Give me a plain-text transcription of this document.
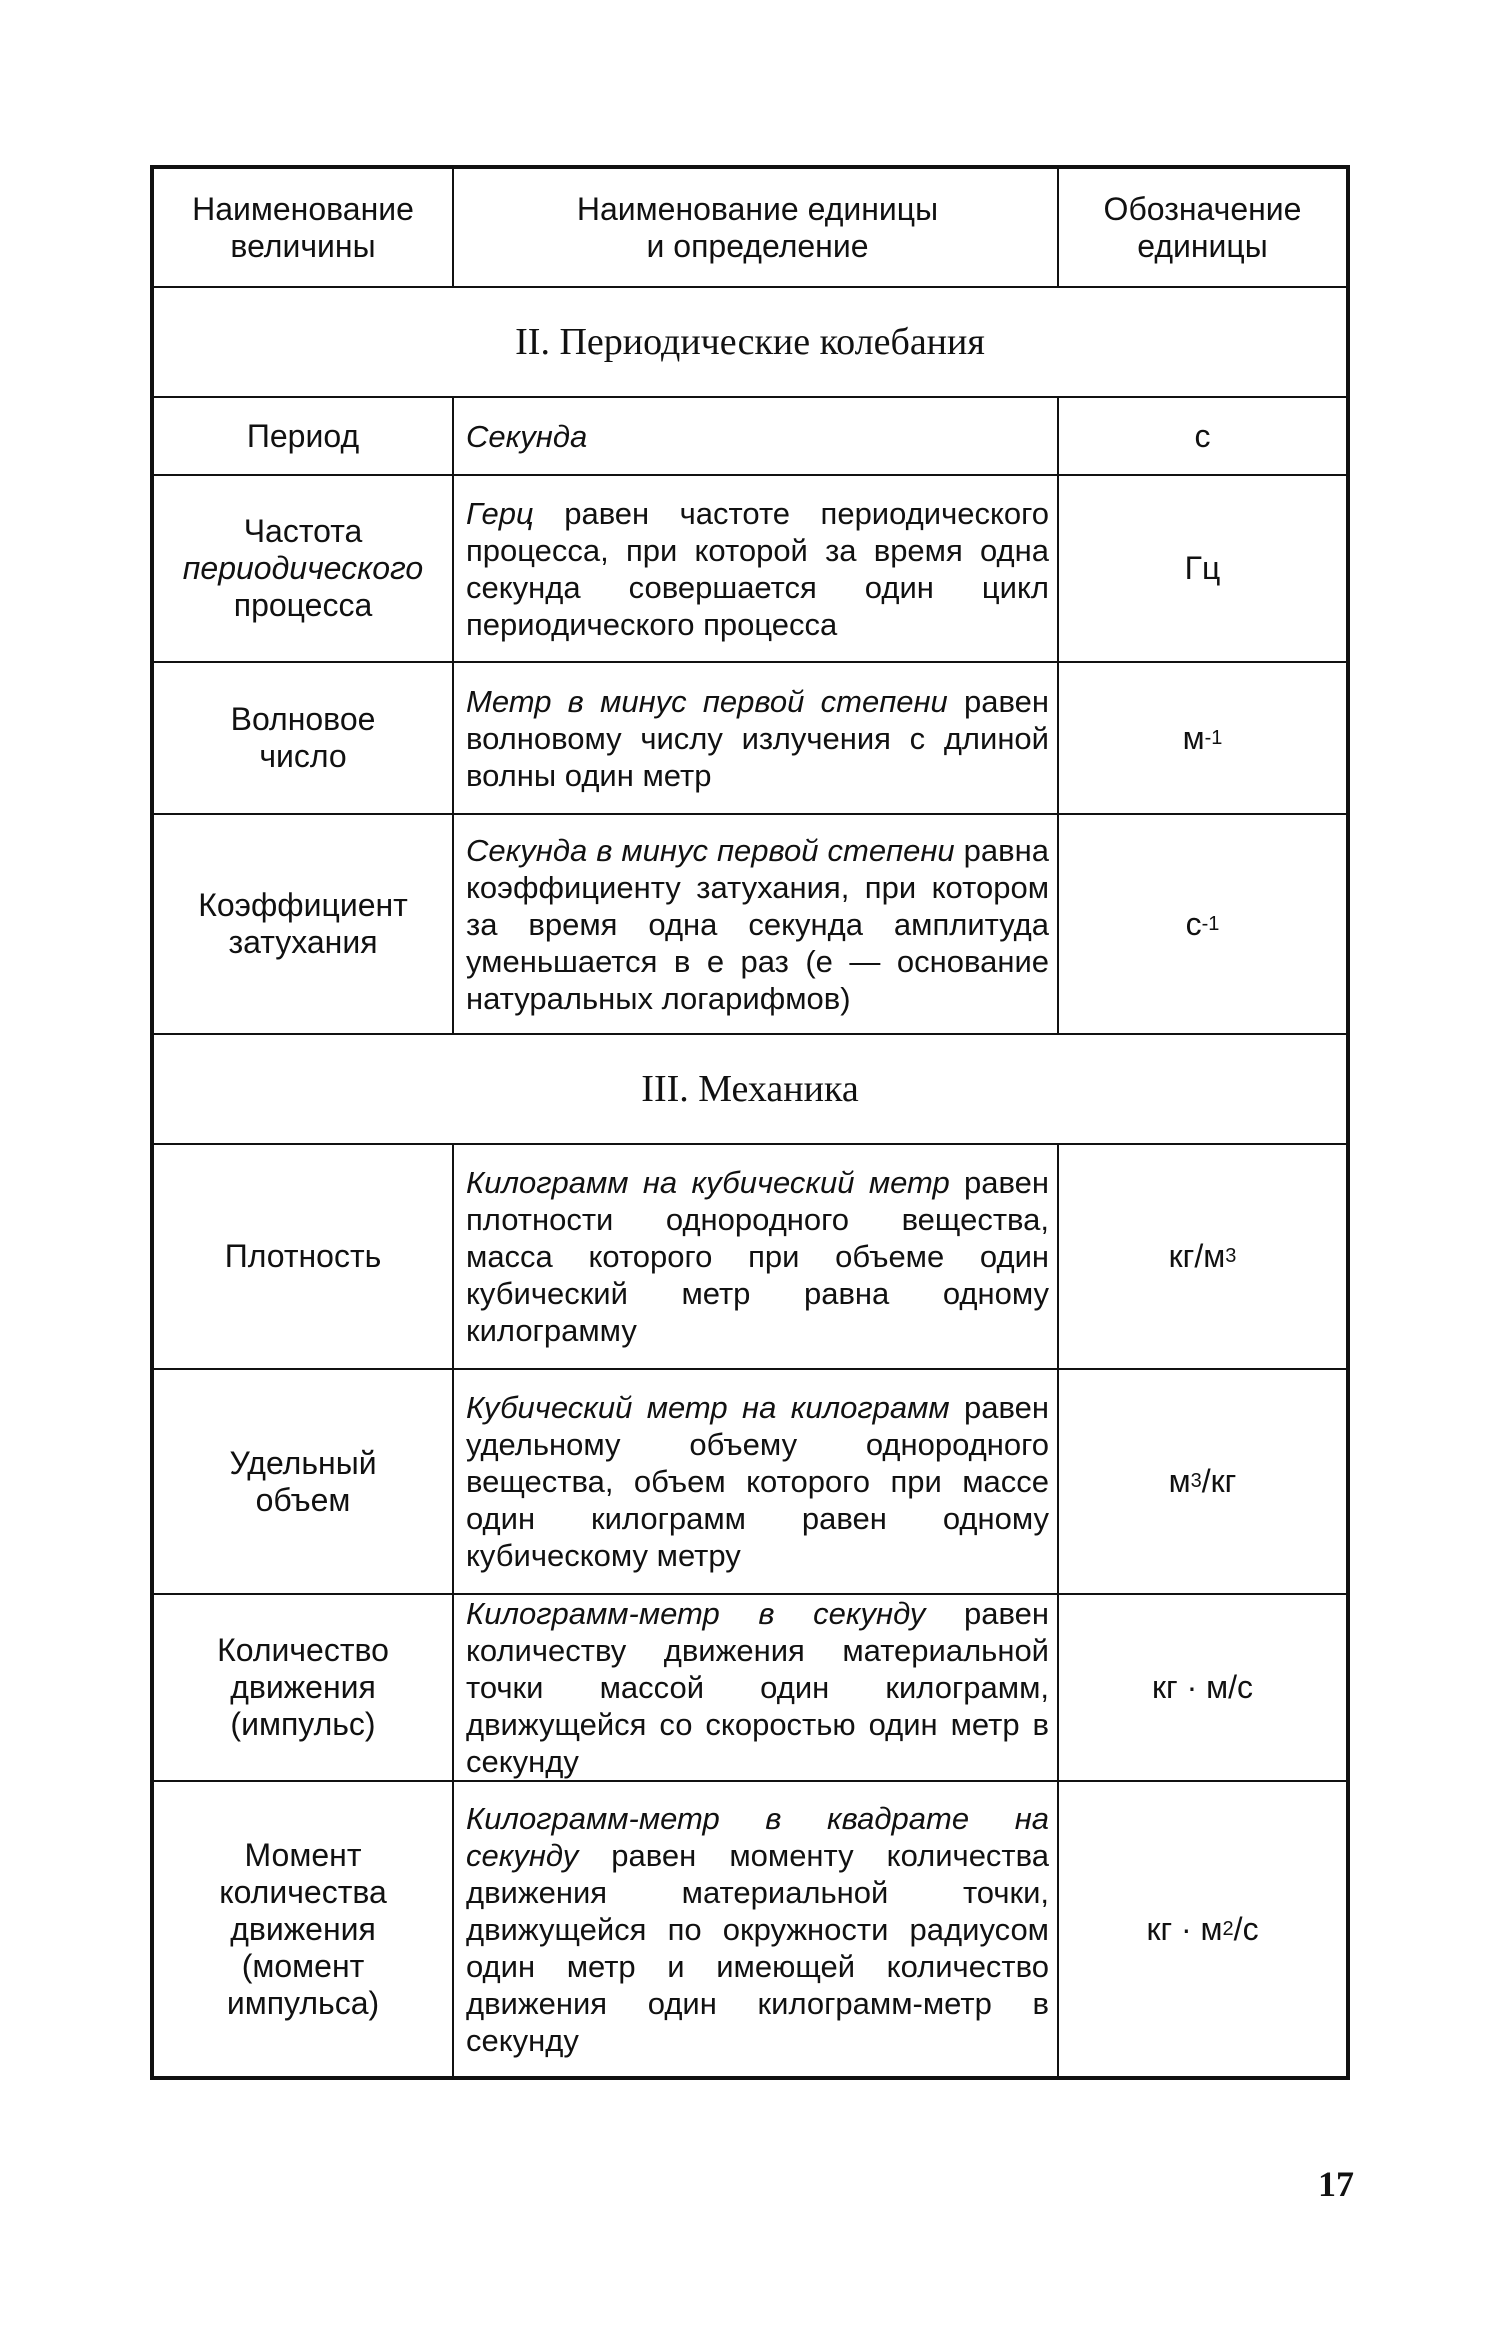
Наименование
величины
Наименование единицы
и определение
Обозначение
единицы
II. Периодические колебания
Период	Секунда	с
Частота
периодического
процесса
Герц равен частоте периодического процесса, при которой за время одна секунда совершается один цикл периодического процесса
Гц
Волновое
число
Метр в минус первой степени равен волновому числу излучения с длиной волны один метр
м -1
Коэффициент
затухания
Секунда в минус первой степени равна коэффициенту затухания, при котором за время одна секунда амплитуда уменьшается в e раз (e — основание натуральных логарифмов)
с -1
III. Механика
Плотность
Килограмм на кубический метр равен плотности однородного вещества, масса которого при объеме один кубический метр равна одному килограмму
кг/м 3
Удельный
объем
Кубический метр на килограмм равен удельному объему однородного вещества, объем которого при массе один килограмм равен одному кубическому метру
м 3 /кг
Количество
движения
(импульс)
Килограмм-метр в секунду равен количеству движения материальной точки массой один килограмм, движущейся со скоростью один метр в секунду
кг · м/с
Момент
количества
движения
(момент
импульса)
Килограмм-метр в квадрате на секунду равен моменту количества движения материальной точки, движущейся по окружности радиусом один метр и имеющей количество движения один килограмм-метр в секунду
кг · м 2 /с
17
